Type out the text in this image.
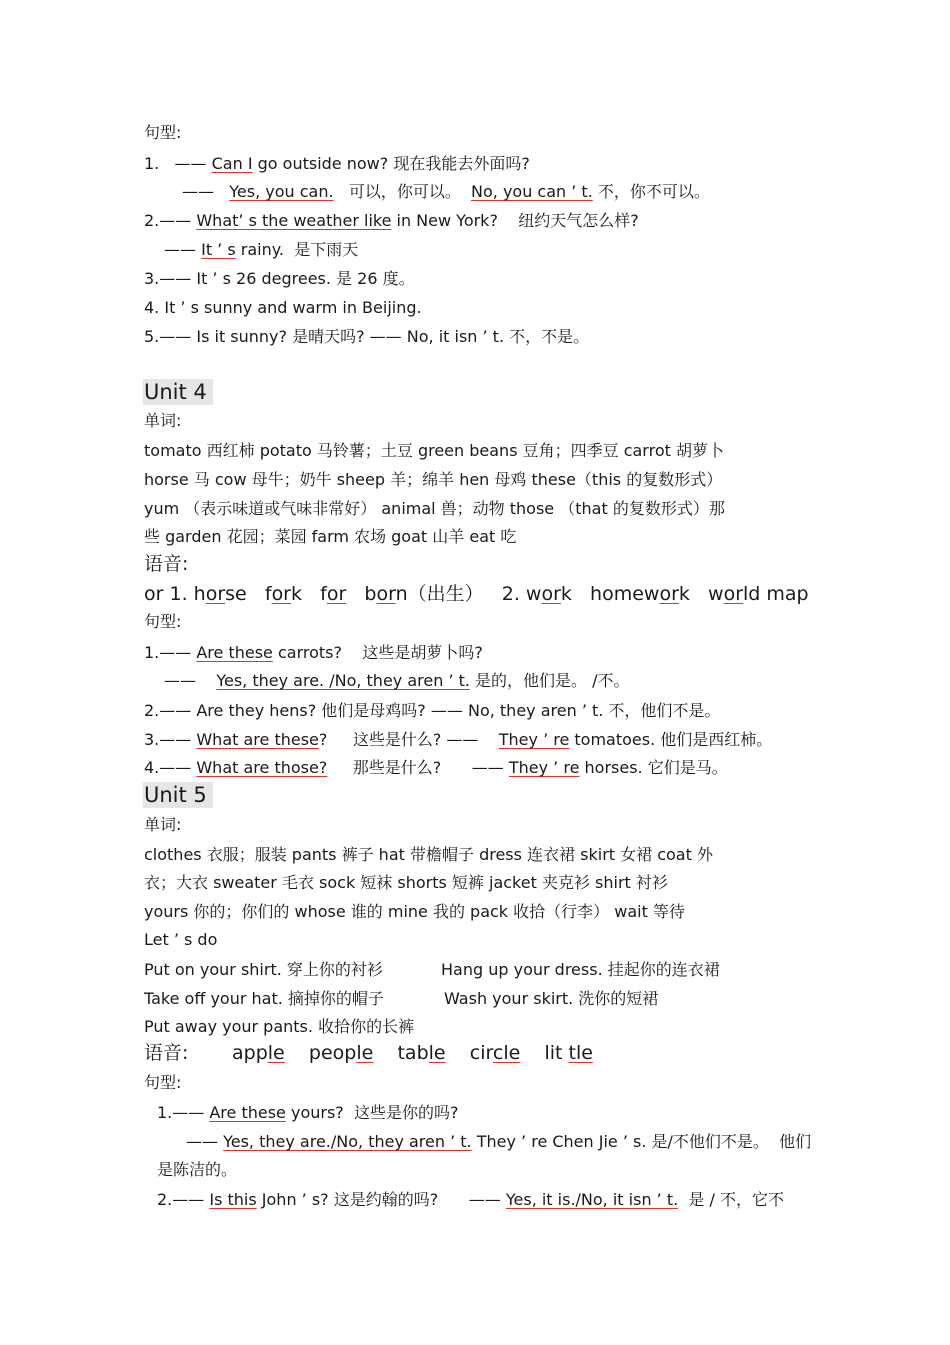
句型:
1.   —— Can I go outside now? 现在我能去外面吗?
——   Yes, you can.   可以，你可以。  No, you can ’ t. 不，你不可以。
2.—— What’ s the weather like in New York?    纽约天气怎么样?
—— It ’ s rainy.  是下雨天
3.—— It ’ s 26 degrees. 是 26 度。
4. It ’ s sunny and warm in Beijing.
5.—— Is it sunny? 是晴天吗? —— No, it isn ’ t. 不，不是。
Unit 4
单词:
tomato 西红柿 potato 马铃薯；土豆 green beans 豆角；四季豆 carrot 胡萝卜
horse 马 cow 母牛；奶牛 sheep 羊；绵羊 hen 母鸡 these（this 的复数形式）
yum （表示味道或气味非常好） animal 兽；动物 those （that 的复数形式）那
些 garden 花园；菜园 farm 农场 goat 山羊 eat 吃
语音:
or 1. horse fork for born（出生） 2. work homework world map
句型:
1.—— Are these carrots?    这些是胡萝卜吗?
——    Yes, they are. /No, they aren ’ t. 是的，他们是。 /不。
2.—— Are they hens? 他们是母鸡吗? —— No, they aren ’ t. 不，他们不是。
3.—— What are these?     这些是什么? ——    They ’ re tomatoes. 他们是西红柿。
4.—— What are those?     那些是什么?      —— They ’ re horses. 它们是马。
Unit 5
单词:
clothes 衣服；服装 pants 裤子 hat 带檐帽子 dress 连衣裙 skirt 女裙 coat 外
衣；大衣 sweater 毛衣 sock 短袜 shorts 短裤 jacket 夹克衫 shirt 衬衫
yours 你的；你们的 whose 谁的 mine 我的 pack 收拾（行李） wait 等待
Let ’ s do
Put on your shirt. 穿上你的衬衫	Hang up your dress. 挂起你的连衣裙
Take off your hat. 摘掉你的帽子	Wash your skirt. 洗你的短裙
Put away your pants. 收拾你的长裤
语音: apple people table circle lit tle
句型:
1.—— Are these yours?  这些是你的吗?
—— Yes, they are./No, they aren ’ t. They ’ re Chen Jie ’ s. 是/不他们不是。  他们
是陈洁的。
2.—— Is this John ’ s? 这是约翰的吗?      —— Yes, it is./No, it isn ’ t.  是 / 不，它不
